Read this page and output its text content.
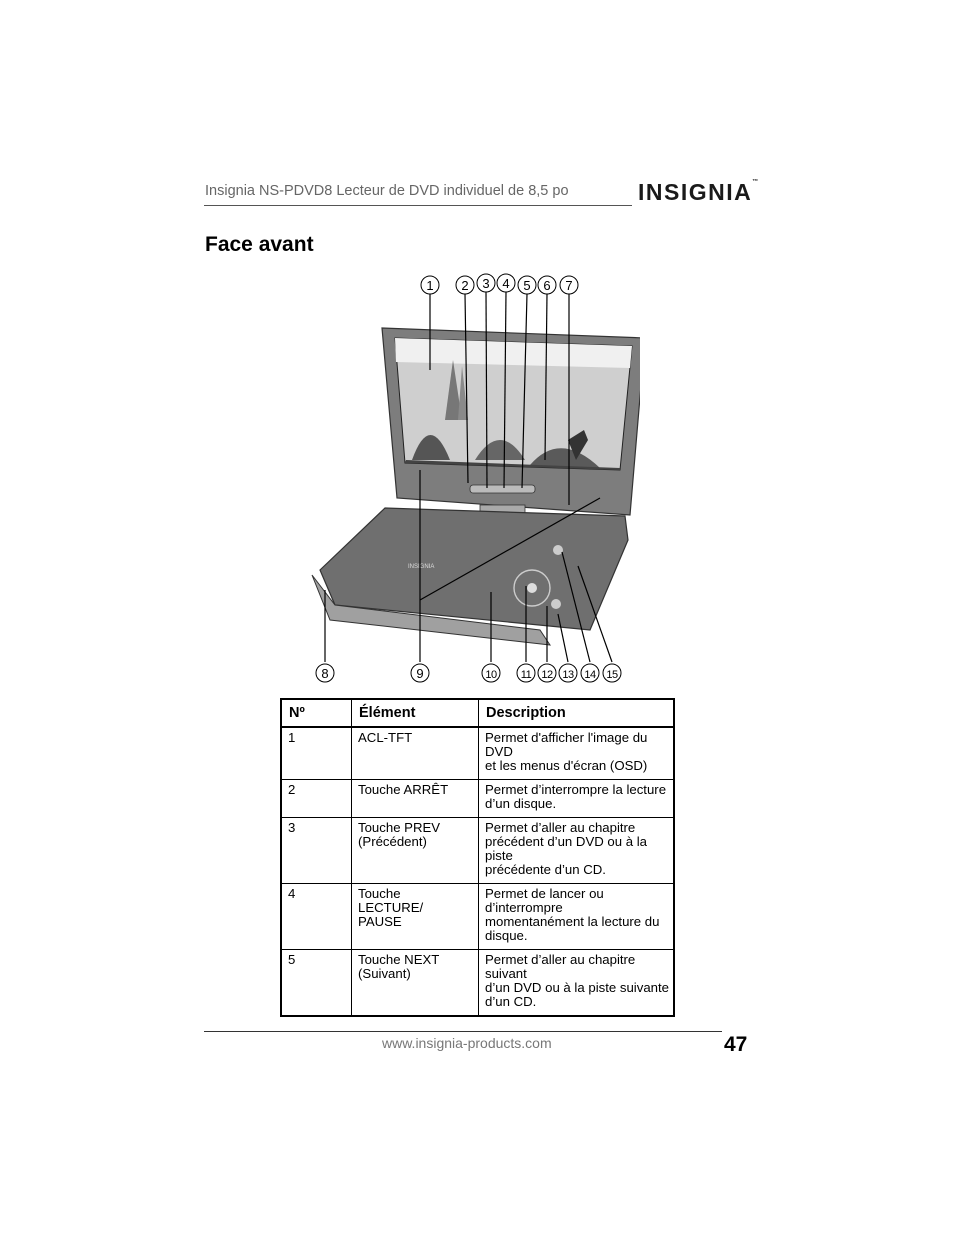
Insignia NS-PDVD8 Lecteur de DVD individuel de 8,5 po	INSIGNIA™
Face avant
INSIGNIA
1 2 3 4 5 6 7
8	9	10 11 12 13 14 15
Nº	Élément	Description
1	ACL-TFT	Permet d'afficher l'image du DVD
et les menus d'écran (OSD)
2	Touche ARRÊT	Permet d’interrompre la lecture
d’un disque.
3	Touche PREV
(Précédent)	Permet d’aller au chapitre
précédent d’un DVD ou à la piste
précédente d’un CD.
4	Touche
LECTURE/
PAUSE	Permet de lancer ou d’interrompre
momentanément la lecture du
disque.
5	Touche NEXT
(Suivant)	Permet d’aller au chapitre suivant
d’un DVD ou à la piste suivante
d’un CD.
www.insignia-products.com	47
